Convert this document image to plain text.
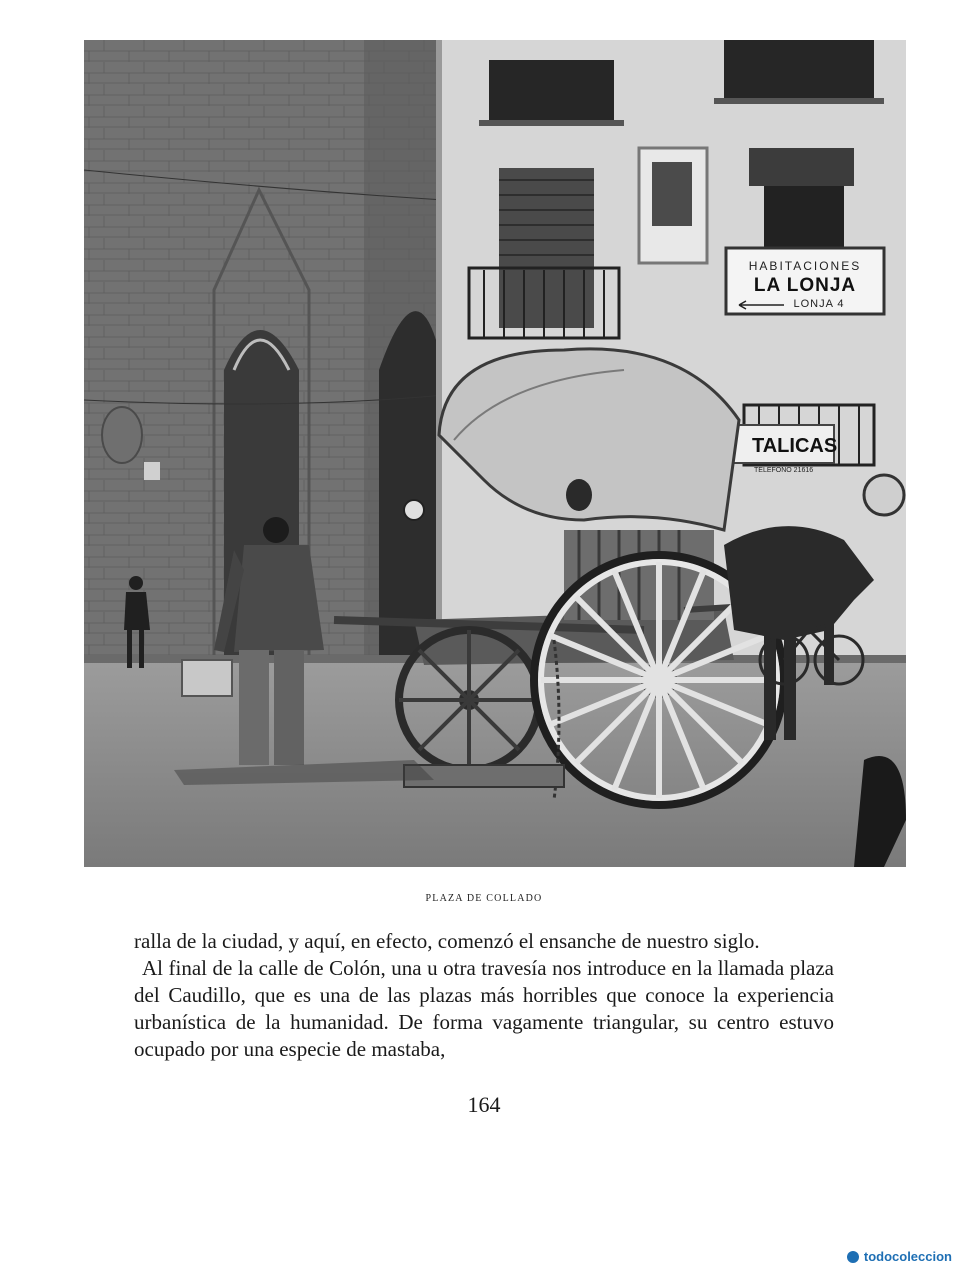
HABITACIONES
LA LONJA
LONJA 4
TALICAS
TELEFONO 21616
PLAZA DE COLLADO

ralla de la ciudad, y aquí, en efecto, comenzó el ensanche de nuestro siglo.

Al final de la calle de Colón, una u otra travesía nos introduce en la llamada plaza del Caudillo, que es una de las plazas más horribles que conoce la experiencia urbanística de la humanidad. De forma vagamente triangular, su centro estuvo ocupado por una especie de mastaba,

164
todocoleccion
